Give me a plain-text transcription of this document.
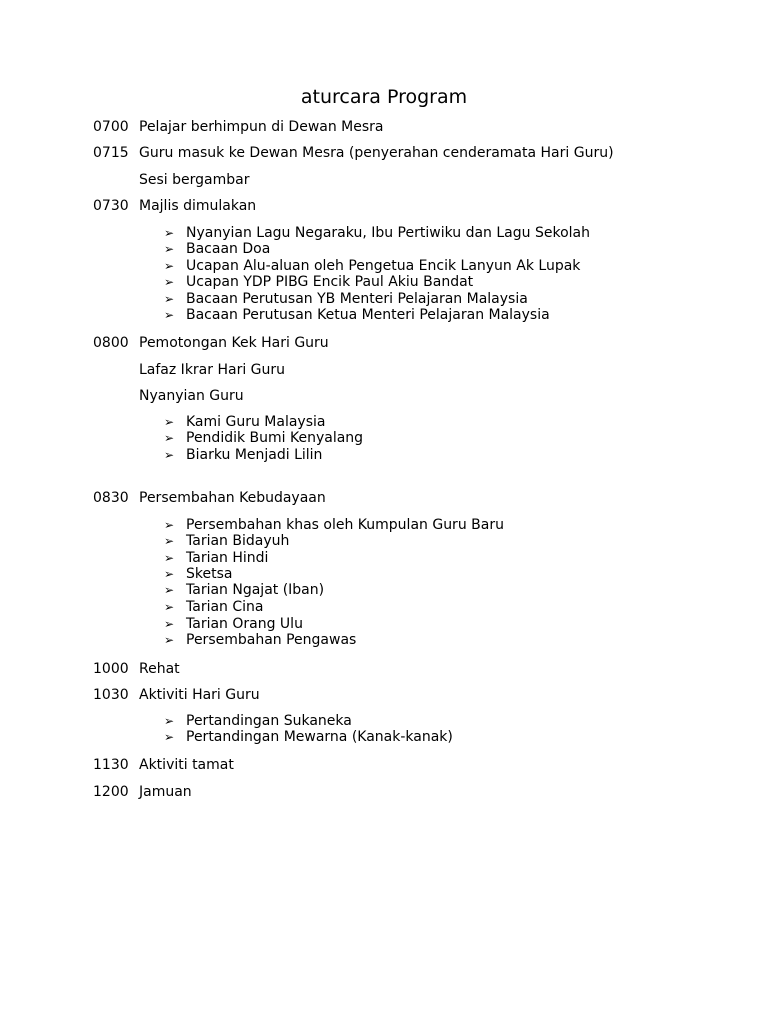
aturcara Program
0700 Pelajar berhimpun di Dewan Mesra
0715 Guru masuk ke Dewan Mesra (penyerahan cenderamata Hari Guru)
Sesi bergambar
0730 Majlis dimulakan
➢ Nyanyian Lagu Negaraku, Ibu Pertiwiku dan Lagu Sekolah
➢ Bacaan Doa
➢ Ucapan Alu-aluan oleh Pengetua Encik Lanyun Ak Lupak
➢ Ucapan YDP PIBG Encik Paul Akiu Bandat
➢ Bacaan Perutusan YB Menteri Pelajaran Malaysia
➢ Bacaan Perutusan Ketua Menteri Pelajaran Malaysia
0800 Pemotongan Kek Hari Guru
Lafaz Ikrar Hari Guru
Nyanyian Guru
➢ Kami Guru Malaysia
➢ Pendidik Bumi Kenyalang
➢ Biarku Menjadi Lilin
0830 Persembahan Kebudayaan
➢ Persembahan khas oleh Kumpulan Guru Baru
➢ Tarian Bidayuh
➢ Tarian Hindi
➢ Sketsa
➢ Tarian Ngajat (Iban)
➢ Tarian Cina
➢ Tarian Orang Ulu
➢ Persembahan Pengawas
1000 Rehat
1030 Aktiviti Hari Guru
➢ Pertandingan Sukaneka
➢ Pertandingan Mewarna (Kanak-kanak)
1130 Aktiviti tamat
1200 Jamuan
